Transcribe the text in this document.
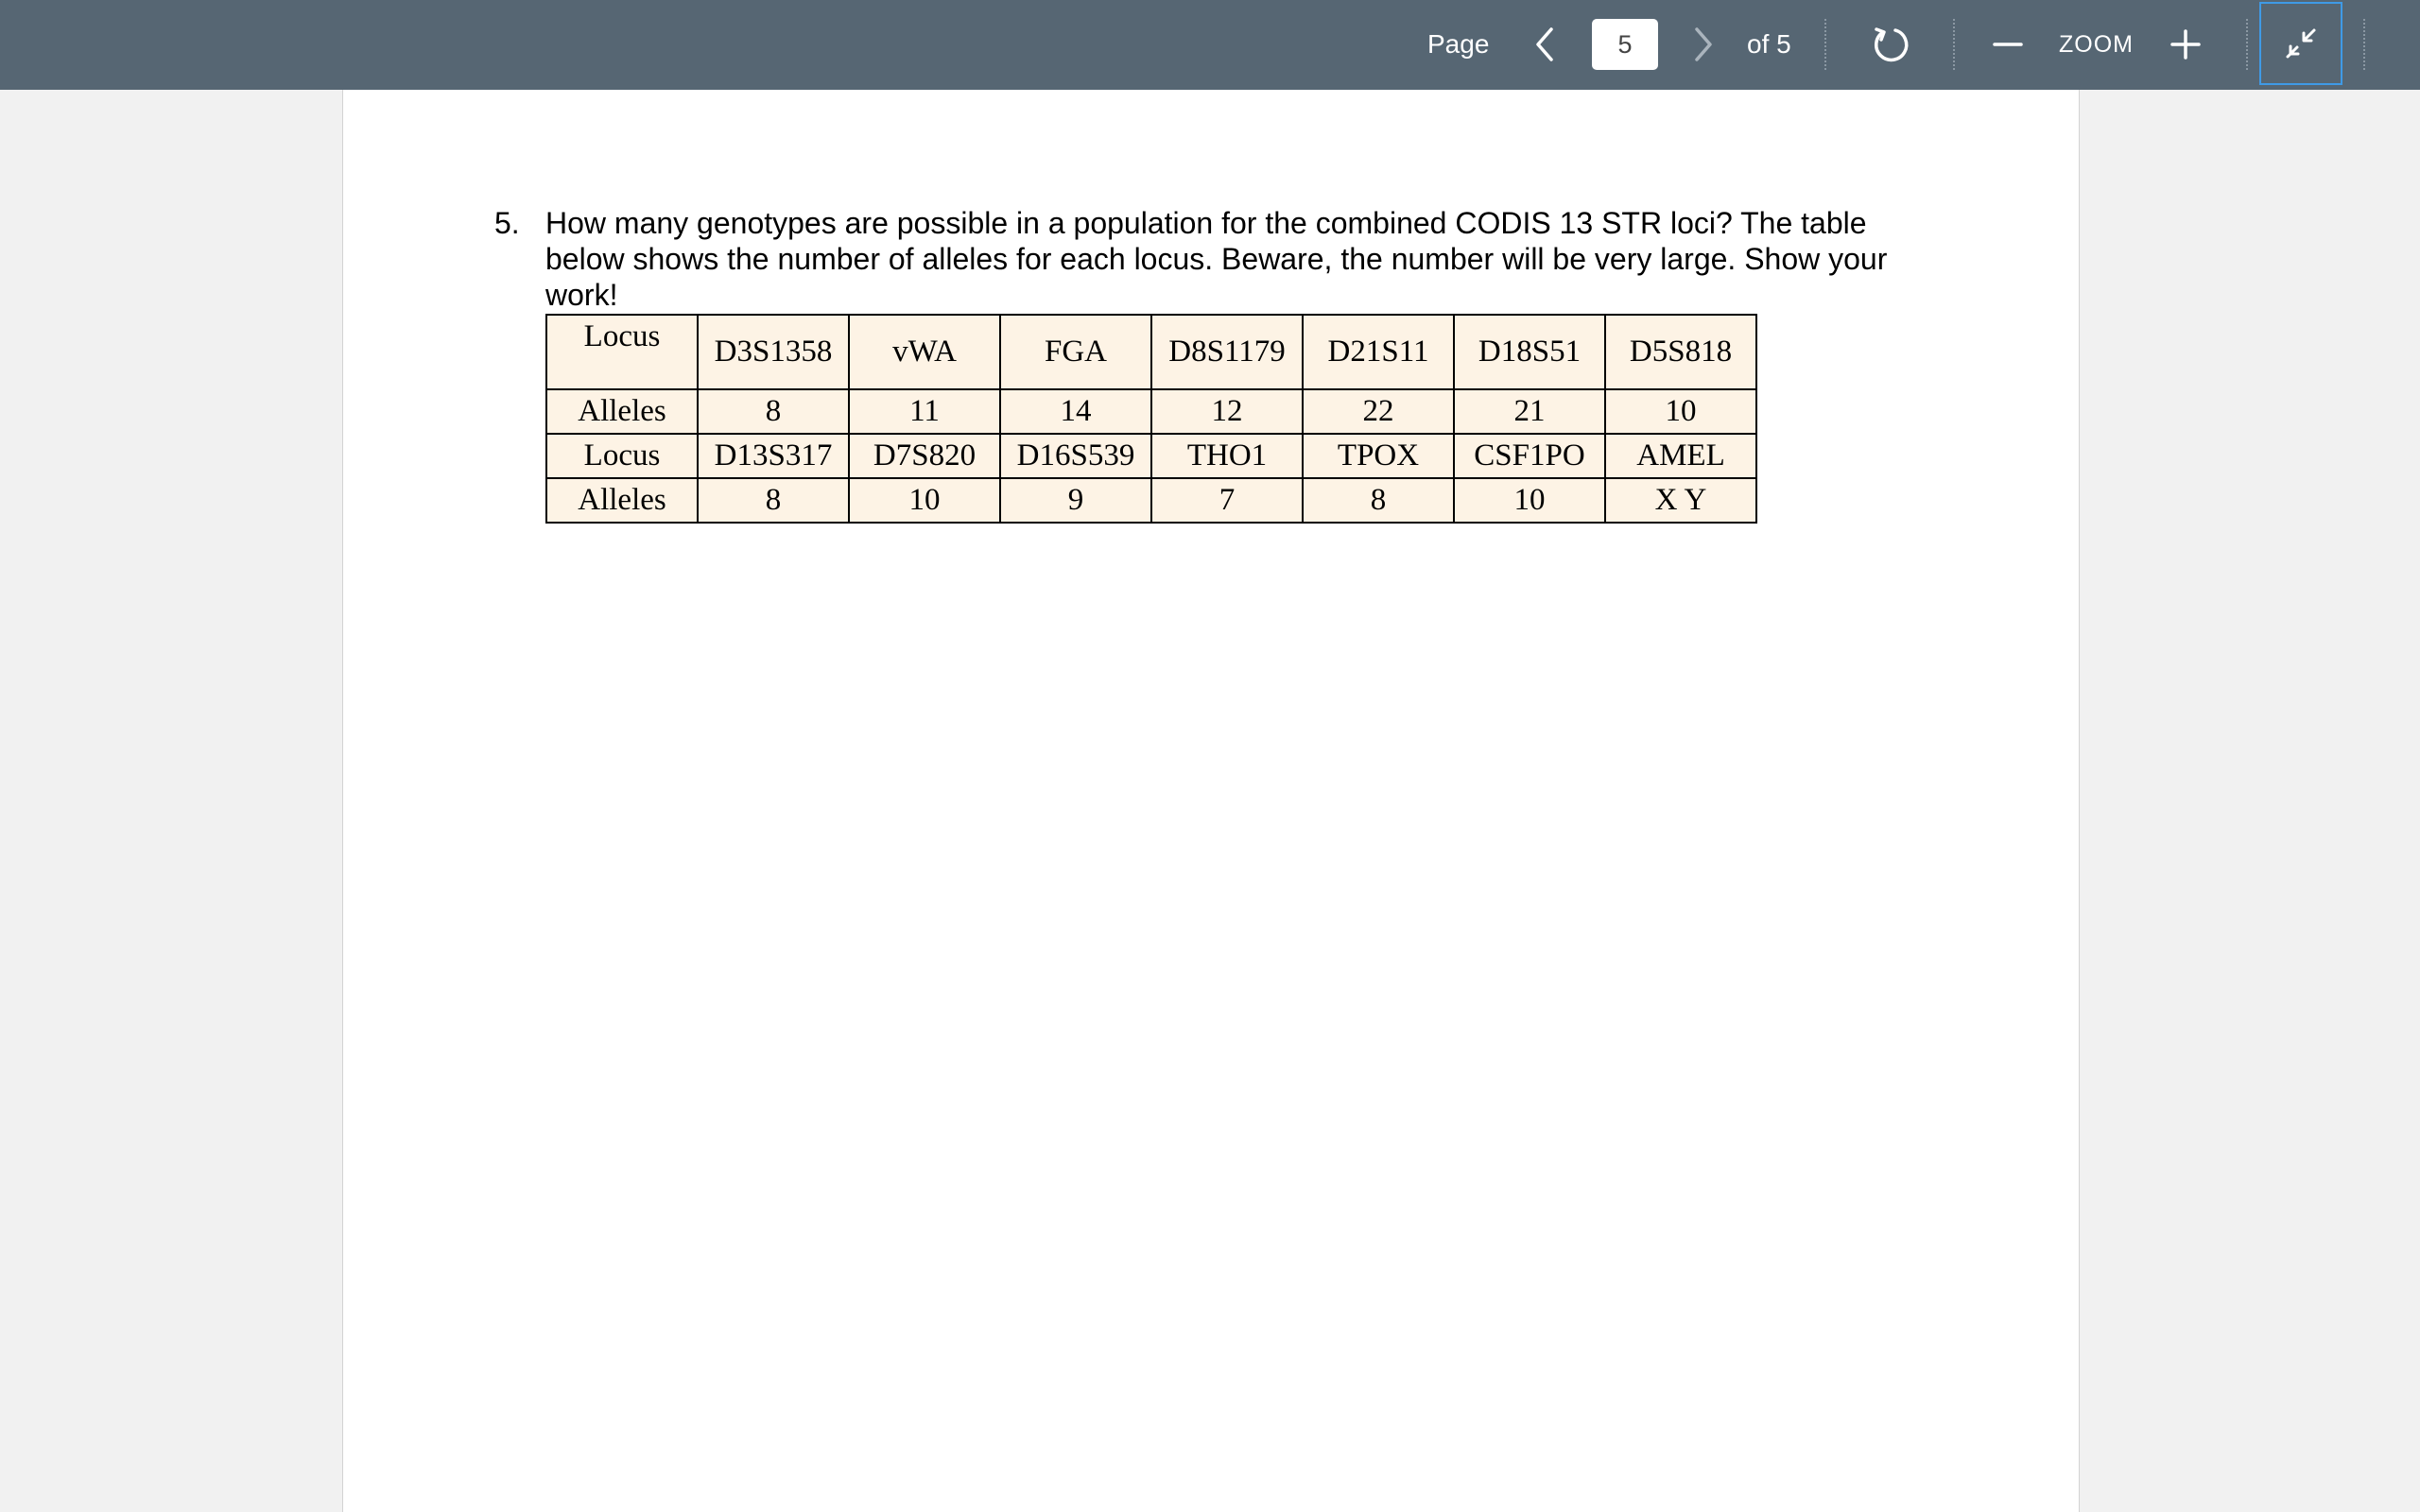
Page
5	of 5	ZOOM
5. How many genotypes are possible in a population for the combined CODIS 13 STR loci? The table below shows the number of alleles for each locus. Beware, the number will be very large. Show your work!
Locus	D3S1358	vWA	FGA	D8S1179	D21S11	D18S51	D5S818
Alleles	8	11	14	12	22	21	10
Locus	D13S317	D7S820	D16S539	THO1	TPOX	CSF1PO	AMEL
Alleles	8	10	9	7	8	10	X Y
